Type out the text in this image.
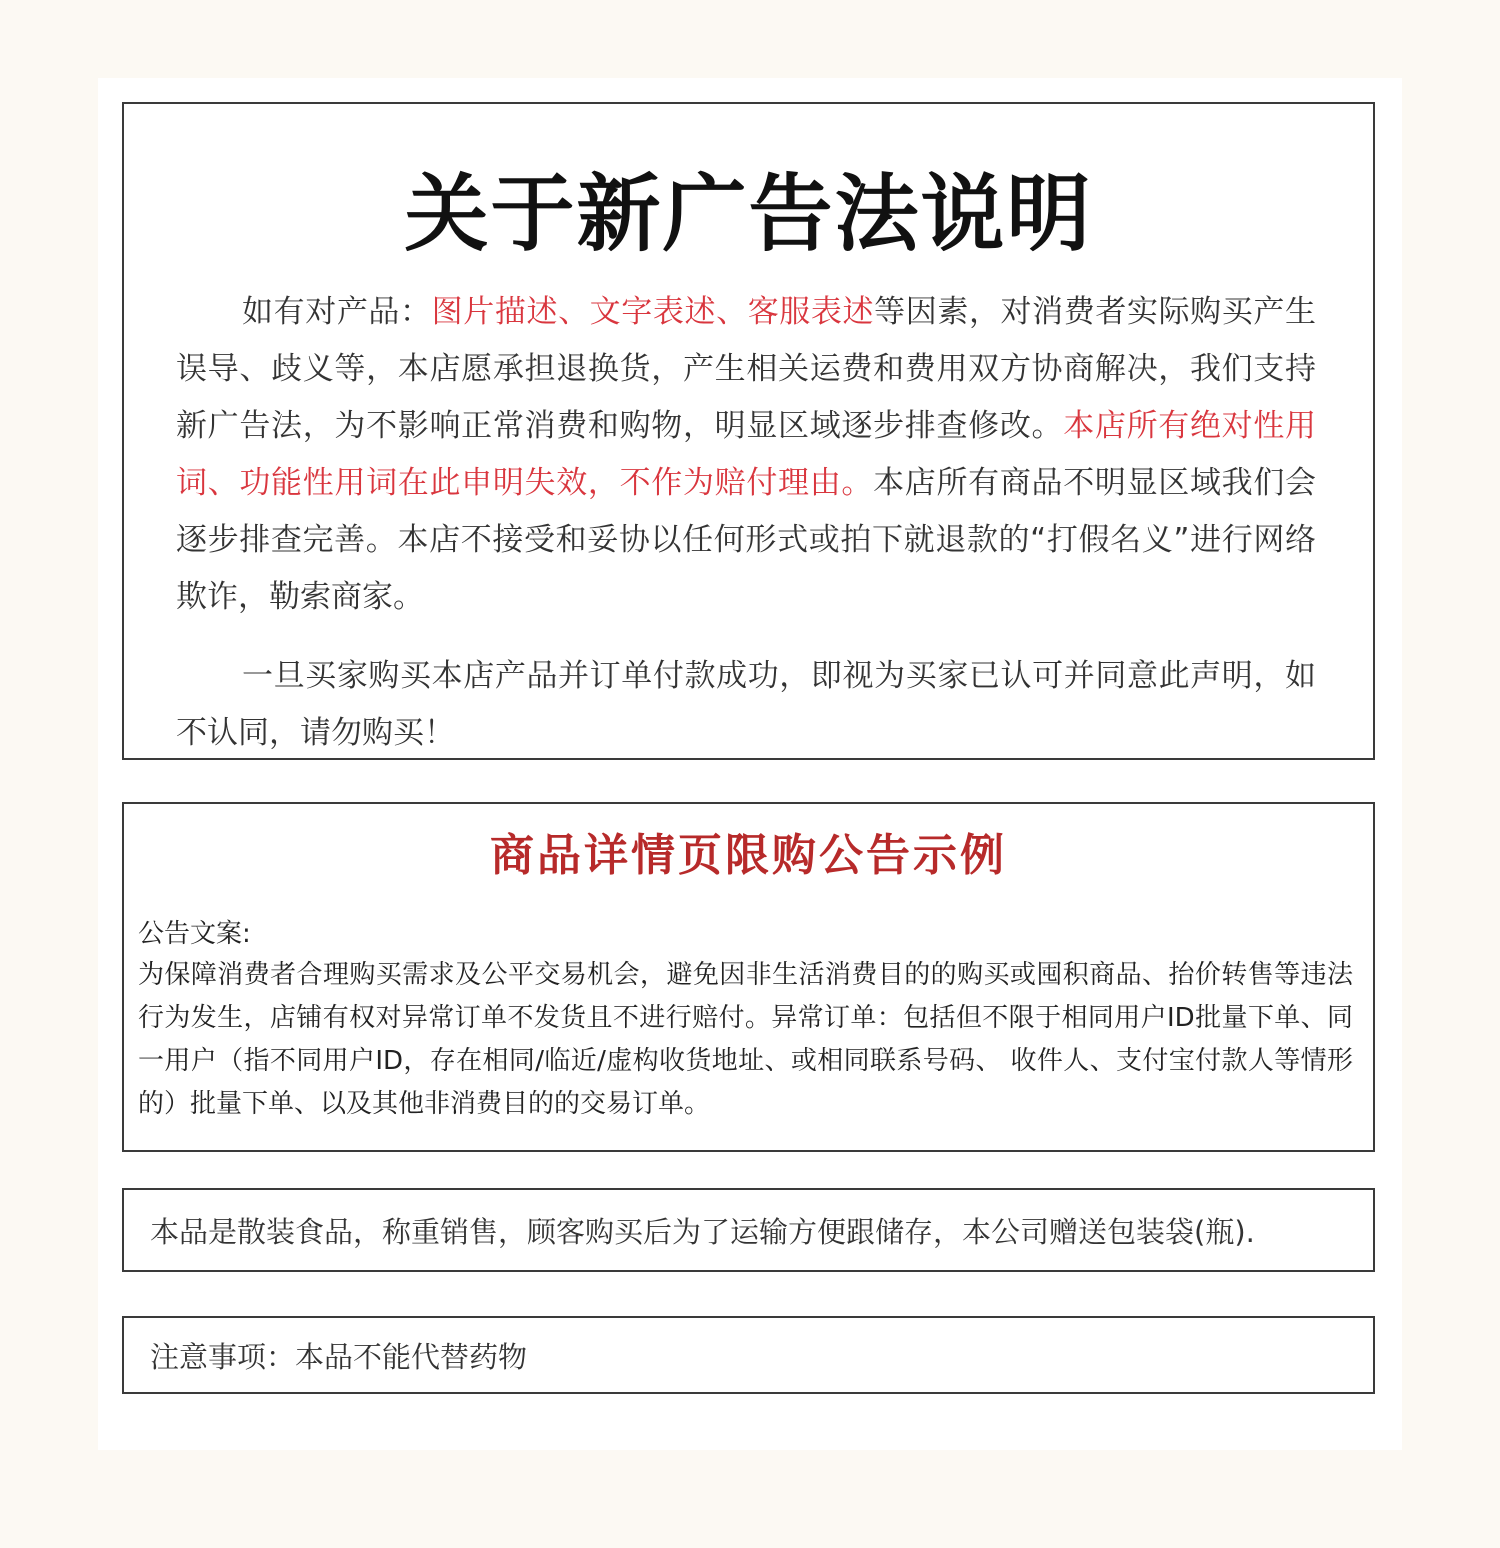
关于新广告法说明

如有对产品：图片描述、文字表述、客服表述等因素，对消费者实际购买产生误导、歧义等，本店愿承担退换货，产生相关运费和费用双方协商解决，我们支持新广告法，为不影响正常消费和购物，明显区域逐步排查修改。本店所有绝对性用词、功能性用词在此申明失效，不作为赔付理由。本店所有商品不明显区域我们会逐步排查完善。本店不接受和妥协以任何形式或拍下就退款的“打假名义”进行网络欺诈，勒索商家。

一旦买家购买本店产品并订单付款成功，即视为买家已认可并同意此声明，如不认同，请勿购买！

商品详情页限购公告示例
公告文案:

为保障消费者合理购买需求及公平交易机会，避免因非生活消费目的的购买或囤积商品、抬价转售等违法行为发生，店铺有权对异常订单不发货且不进行赔付。异常订单：包括但不限于相同用户ID批量下单、同一用户（指不同用户ID，存在相同/临近/虚构收货地址、或相同联系号码、 收件人、支付宝付款人等情形的）批量下单、以及其他非消费目的的交易订单。

本品是散装食品，称重销售，顾客购买后为了运输方便跟储存，本公司赠送包装袋(瓶).
注意事项：本品不能代替药物
